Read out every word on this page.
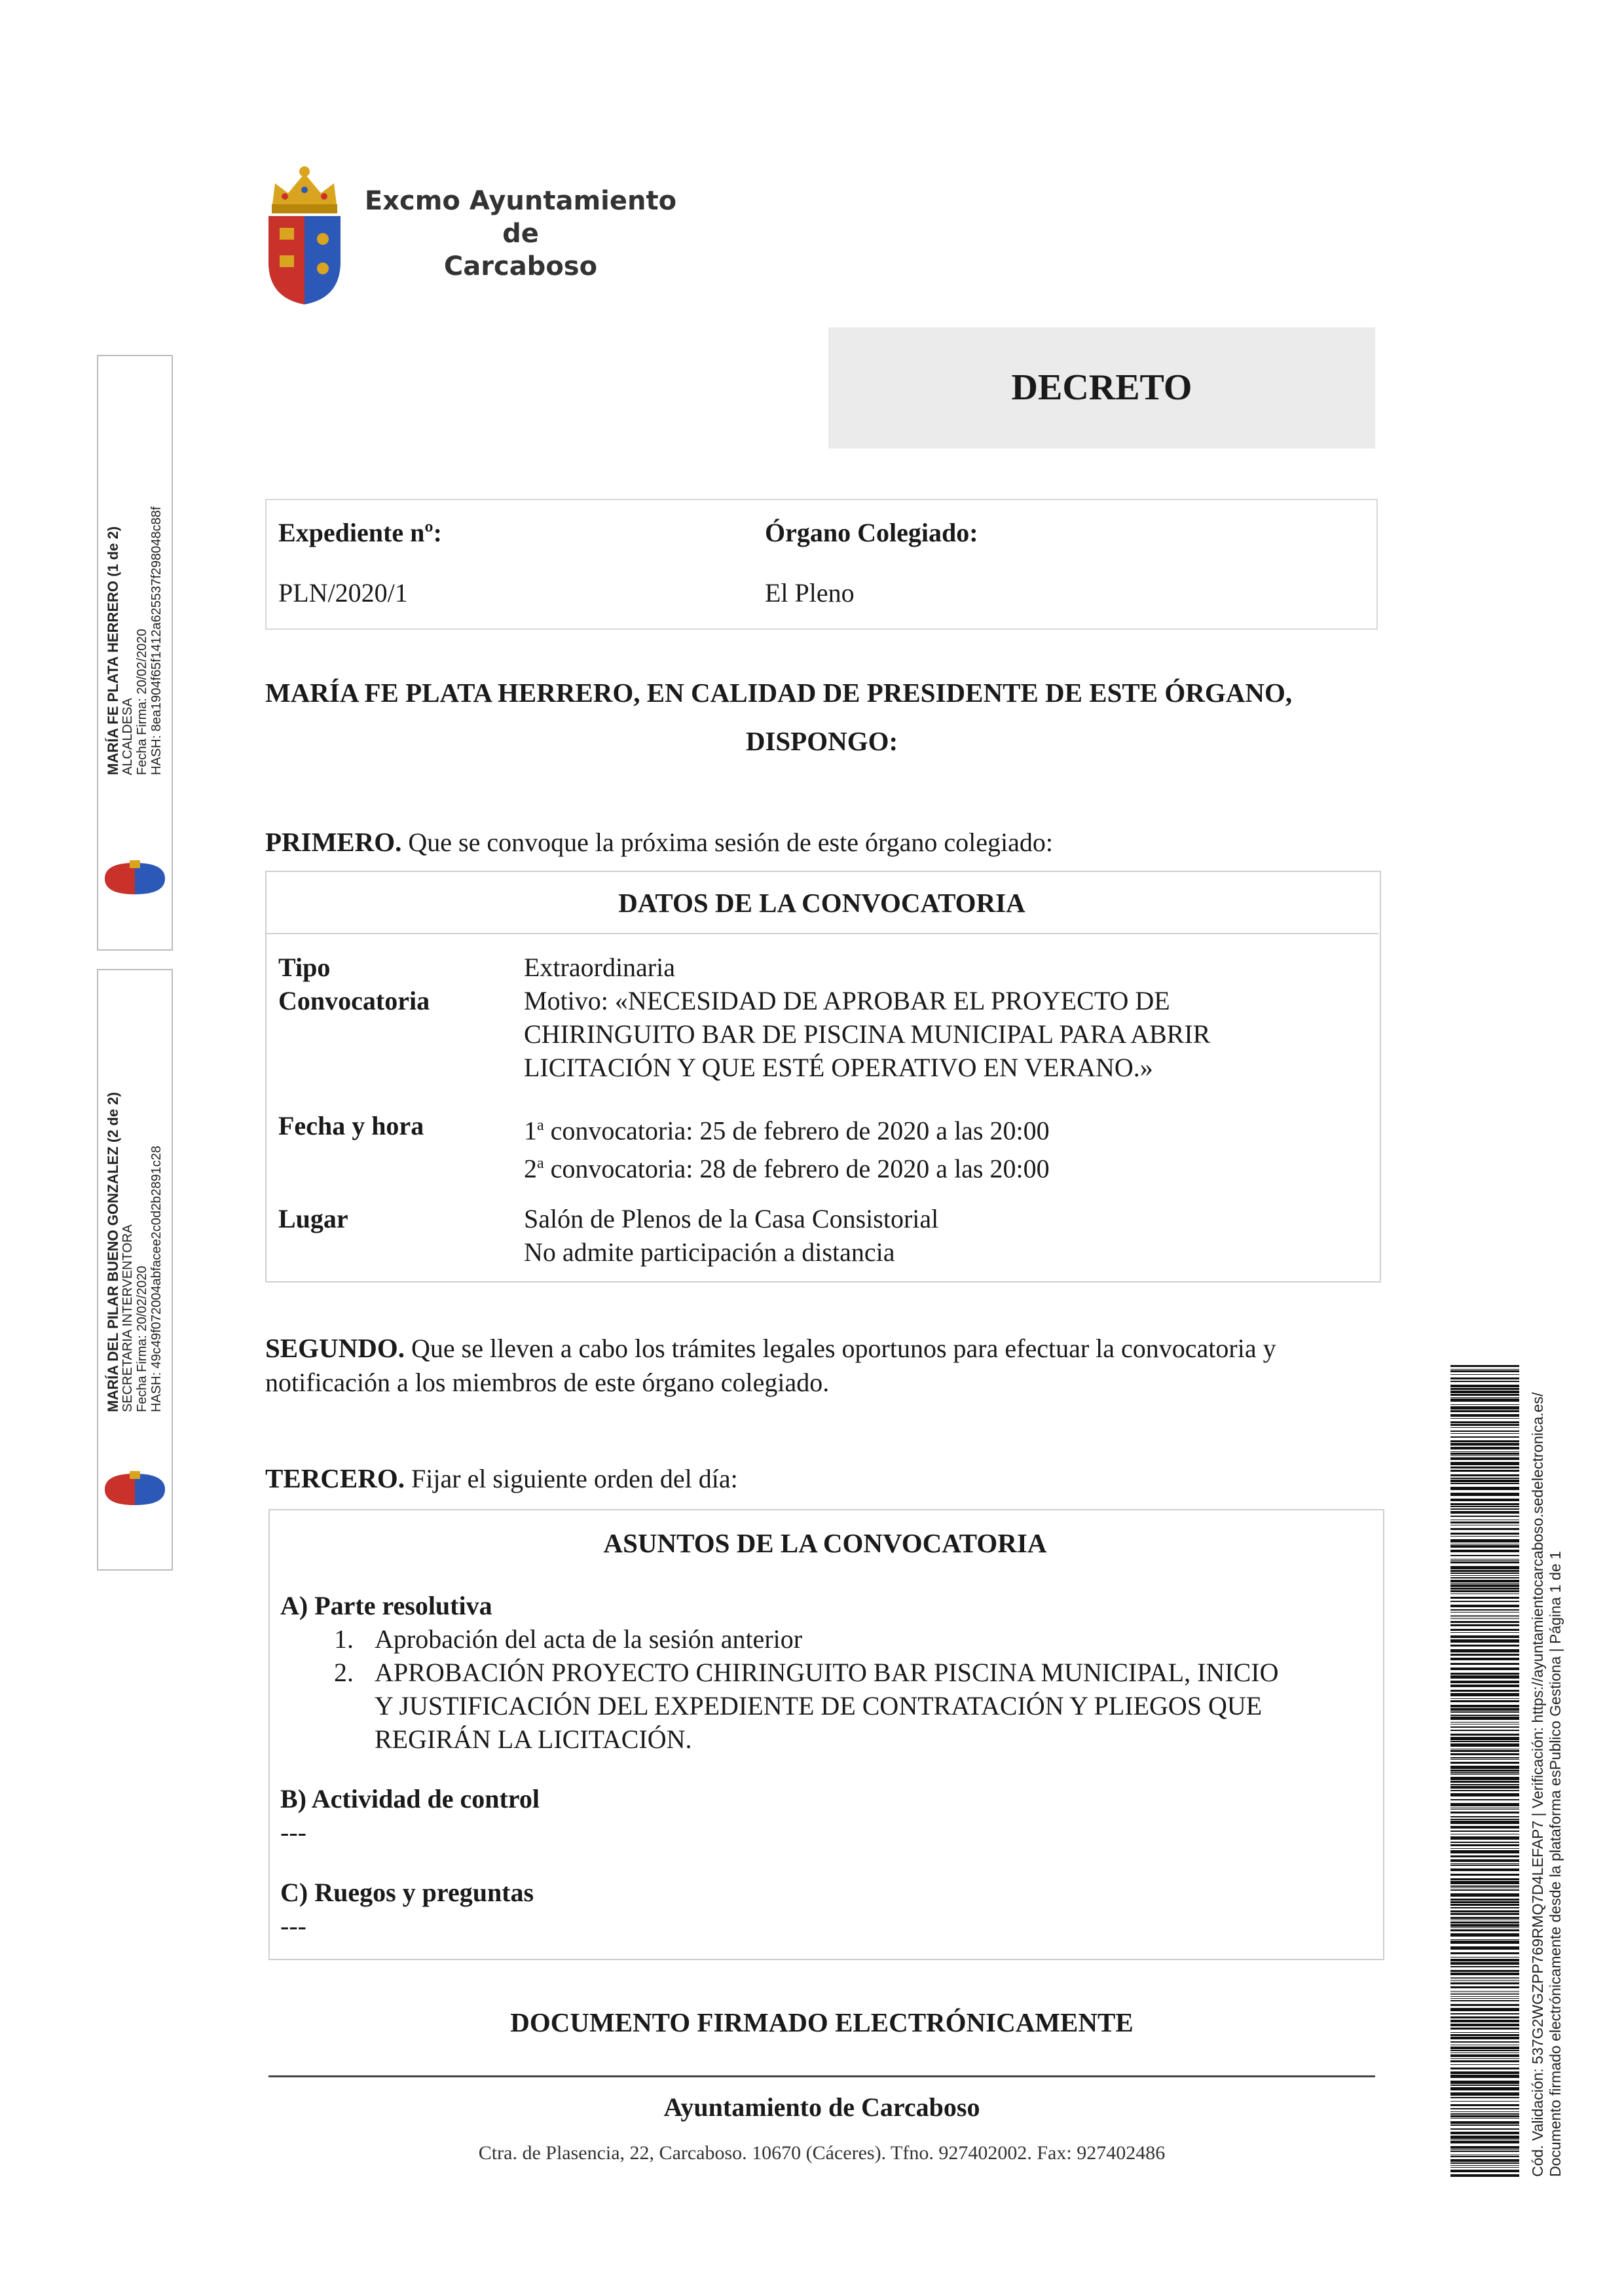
Excmo Ayuntamiento
de
Carcaboso
DECRETO
Expediente nº:
PLN/2020/1
Órgano Colegiado:
El Pleno
MARÍA FE PLATA HERRERO, EN CALIDAD DE PRESIDENTE DE ESTE ÓRGANO,
DISPONGO:
PRIMERO. Que se convoque la próxima sesión de este órgano colegiado:
DATOS DE LA CONVOCATORIA
Tipo
Convocatoria
Extraordinaria
Motivo: «NECESIDAD DE APROBAR EL PROYECTO DE
CHIRINGUITO BAR DE PISCINA MUNICIPAL PARA ABRIR
LICITACIÓN Y QUE ESTÉ OPERATIVO EN VERANO.»
Fecha y hora	1$^a$ convocatoria: 25 de febrero de 2020 a las 20:00
2$^a$ convocatoria: 28 de febrero de 2020 a las 20:00
Lugar	Salón de Plenos de la Casa Consistorial
No admite participación a distancia
SEGUNDO. Que se lleven a cabo los trámites legales oportunos para efectuar la convocatoria y
notificación a los miembros de este órgano colegiado.
TERCERO. Fijar el siguiente orden del día:
ASUNTOS DE LA CONVOCATORIA
A) Parte resolutiva
1. Aprobación del acta de la sesión anterior
2. APROBACIÓN PROYECTO CHIRINGUITO BAR PISCINA MUNICIPAL, INICIO
Y JUSTIFICACIÓN DEL EXPEDIENTE DE CONTRATACIÓN Y PLIEGOS QUE
REGIRÁN LA LICITACIÓN.
B) Actividad de control
---
C) Ruegos y preguntas
---
DOCUMENTO FIRMADO ELECTRÓNICAMENTE
Ayuntamiento de Carcaboso
Ctra. de Plasencia, 22, Carcaboso. 10670 (Cáceres). Tfno. 927402002. Fax: 927402486
MARÍA FE PLATA HERRERO (1 de 2) ALCALDESA Fecha Firma: 20/02/2020 HASH: 8ea1904f65f1412a625537f298048c88f
MARÍA DEL PILAR BUENO GONZALEZ (2 de 2) SECRETARIA INTERVENTORA Fecha Firma: 20/02/2020 HASH: 49c49f072004abfacee2c0d2b2891c28
Cód. Validación: 537G2WGZPP769RMQ7D4LEFAP7 | Verificación: https://ayuntamientocarcaboso.sedelectronica.es/ Documento firmado electrónicamente desde la plataforma esPublico Gestiona | Página 1 de 1
